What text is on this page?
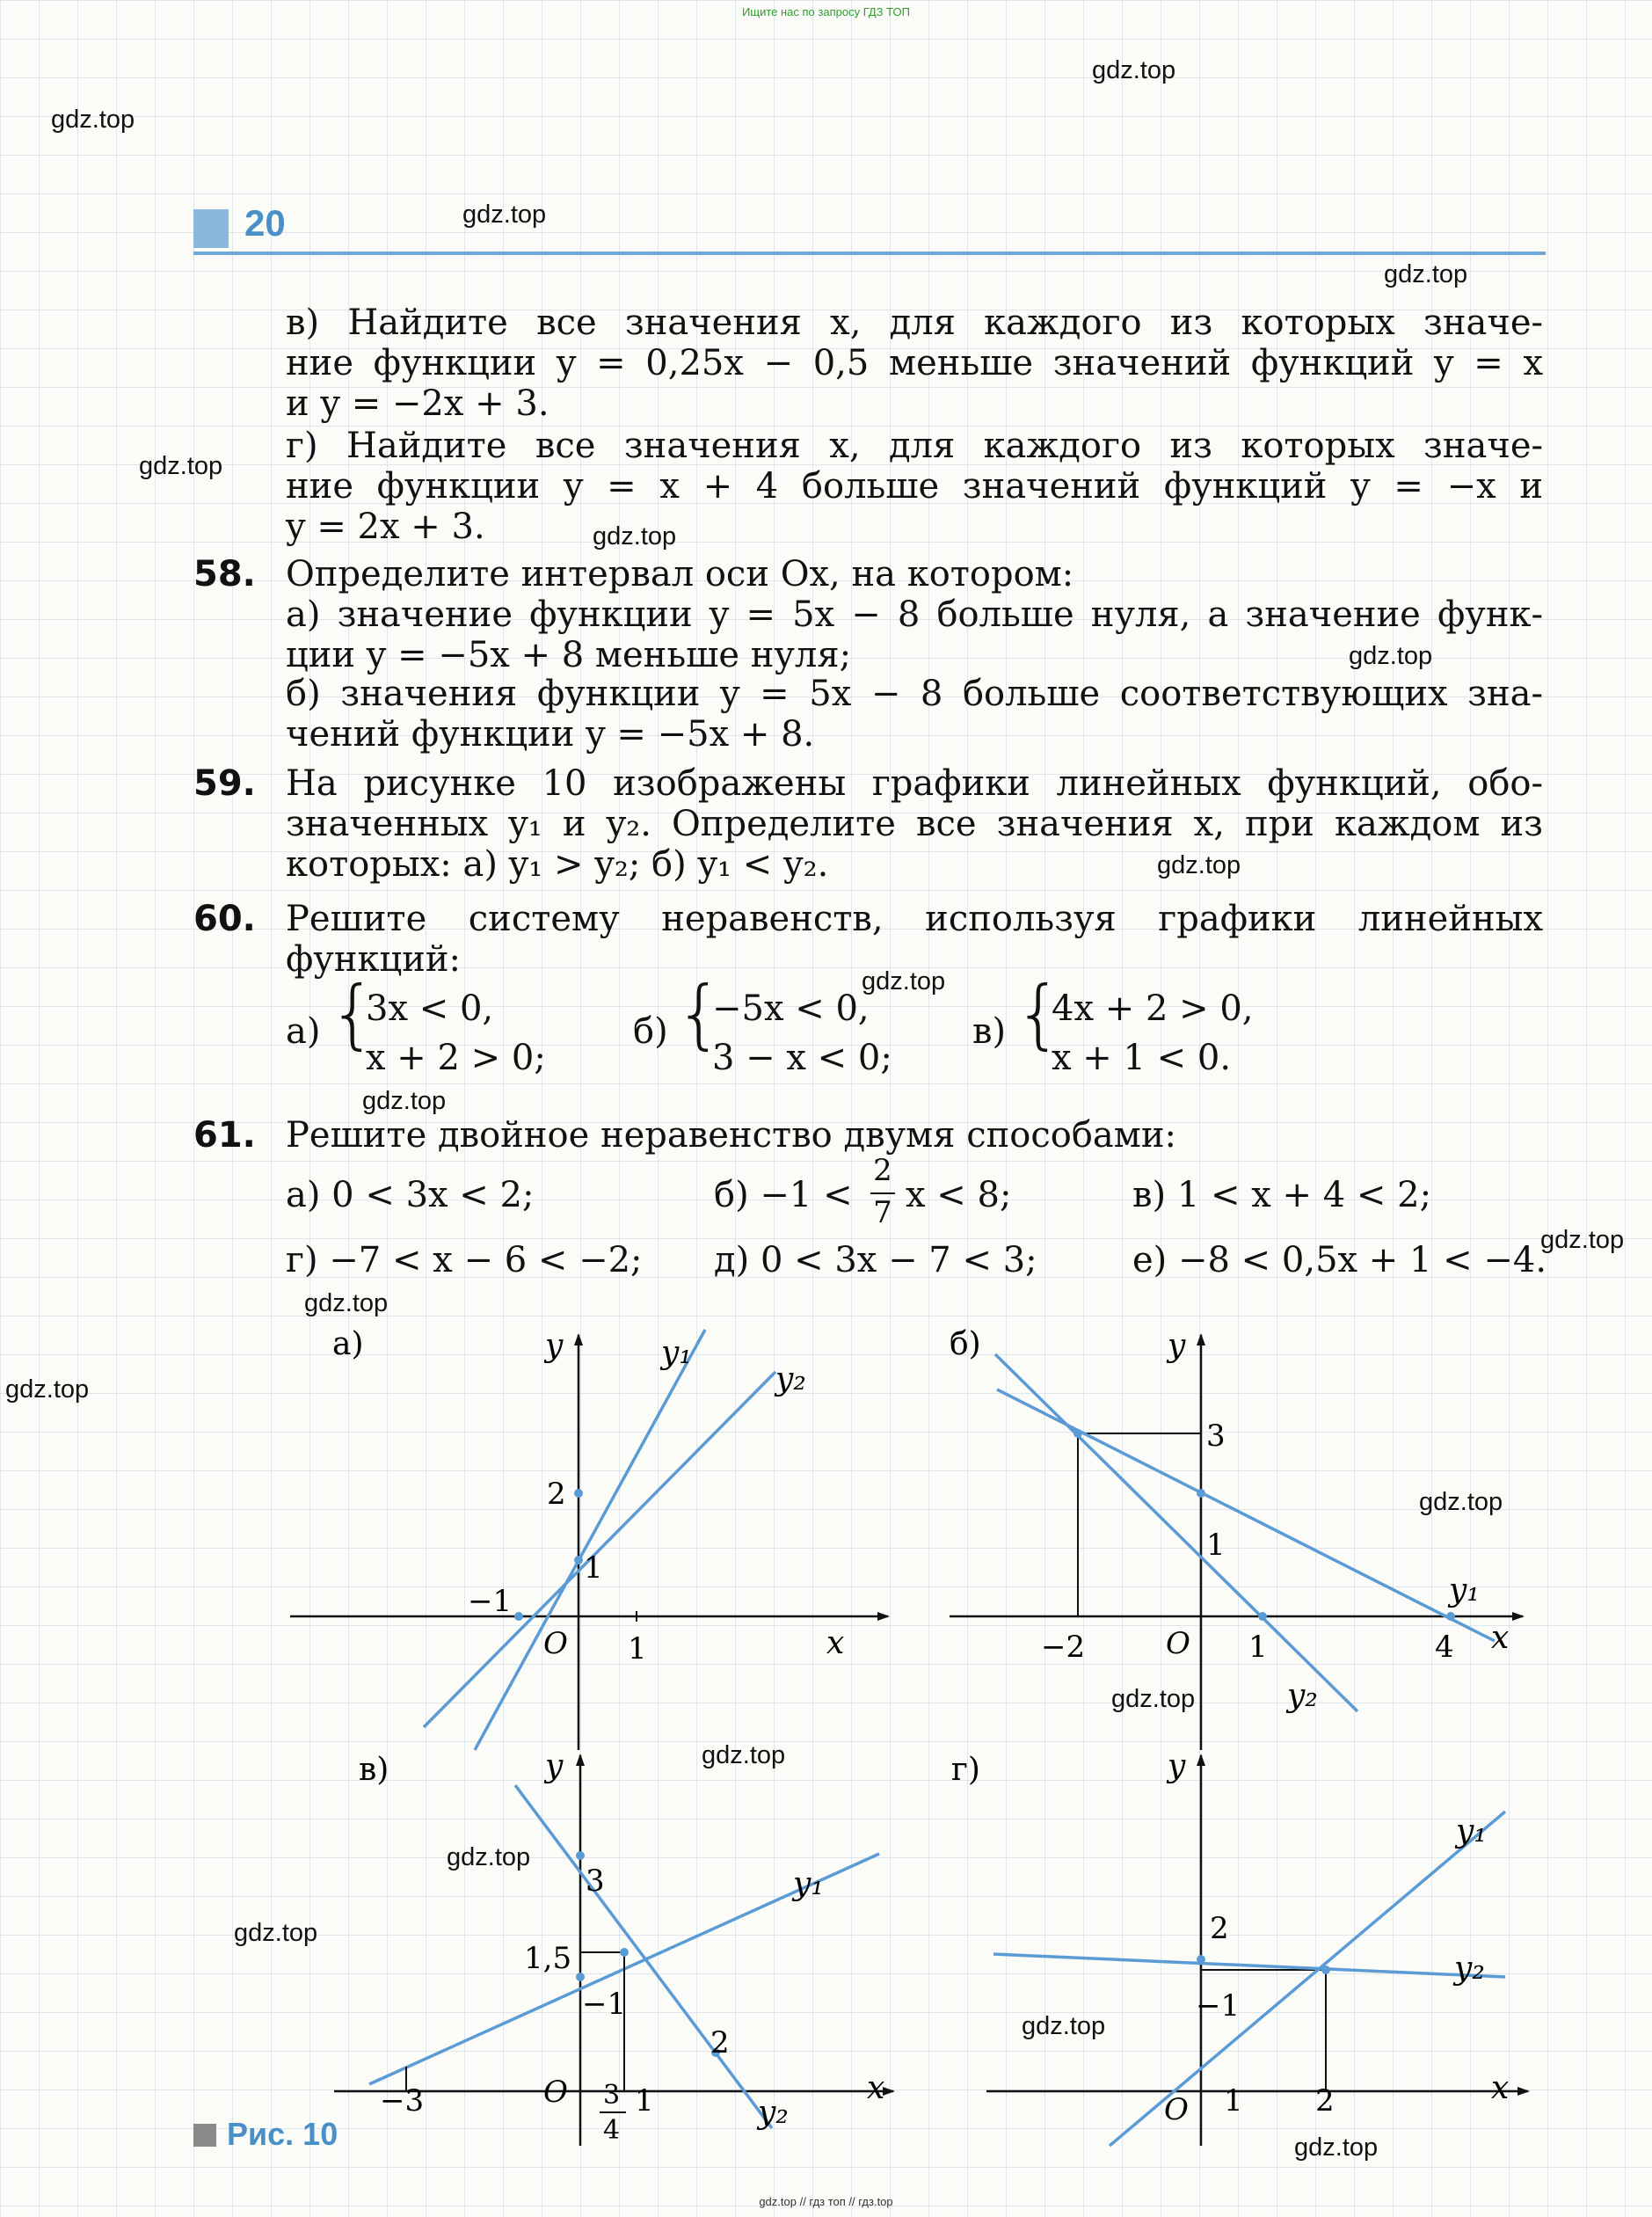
Ищите нас по запросу ГДЗ ТОП
20
gdz.top
gdz.top
gdz.top
gdz.top
gdz.top
gdz.top
gdz.top
gdz.top
gdz.top
gdz.top
gdz.top
gdz.top
gdz.top
gdz.top
gdz.top
gdz.top
gdz.top
gdz.top
gdz.top
gdz.top
в) Найдите все значения x, для каждого из которых значе-
ние функции y = 0,25x − 0,5 меньше значений функций y = x
и y = −2x + 3.
г) Найдите все значения x, для каждого из которых значе-
ние функции y = x + 4 больше значений функций y = −x и
y = 2x + 3.
58. Определите интервал оси Ox, на котором:
а) значение функции y = 5x − 8 больше нуля, а значение функ-
ции y = −5x + 8 меньше нуля;
б) значения функции y = 5x − 8 больше соответствующих зна-
чений функции y = −5x + 8.
59. На рисунке 10 изображены графики линейных функций, обо-
значенных y₁ и y₂. Определите все значения x, при каждом из
которых: а) y₁ > y₂; б) y₁ < y₂.
60. Решите систему неравенств, используя графики линейных
функций:
а) {
3x < 0,
x + 2 > 0;
б) {
−5x < 0,
3 − x < 0;
в) {
4x + 2 > 0,
x + 1 < 0.
61. Решите двойное неравенство двумя способами:
а) 0 < 3x < 2;	б) −1 <
2
7 x < 8;	в) 1 < x + 4 < 2;
г) −7 < x − 6 < −2; д) 0 < 3x − 7 < 3;	е) −8 < 0,5x + 1 < −4.
а)	y
x
O
y₁
y₂
2
1
−1
1
б)	y
x
O
y₁
y₂
3
1
−2	1	4
в)	y
x
O
y₁
y₂
3
1,5
−1
2
−3	1
3
4
г)	y
x
O
y₁
y₂
2
−1
1 2
Рис. 10
gdz.top // гдз топ // гдз.top
